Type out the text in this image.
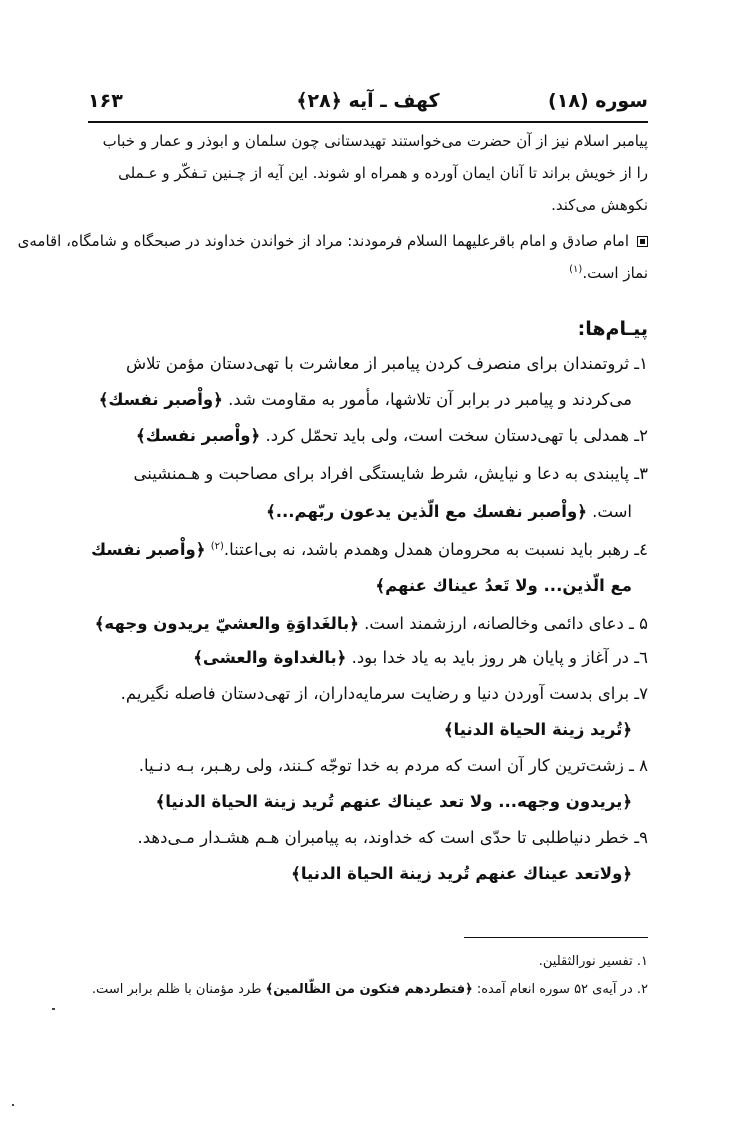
سوره (۱۸)
کهف ـ آیه ﴿۲۸﴾
۱۶۳
پیامبر اسلام نیز از آن حضرت می‌خواستند تهیدستانی چون سلمان و ابوذر و عمار و خباب
را از خویش براند تا آنان ایمان آورده و همراه او شوند. این آیه از چـنین تـفکّر و عـملی
نکوهش می‌کند.
امام صادق و امام باقرعليهما السلام فرمودند: مراد از خواندن خداوند در صبحگاه و شامگاه، اقامه‌ی
نماز است.$^{(۱)}$
پیـام‌ها:
۱ـ ثروتمندان برای منصرف کردن پیامبر از معاشرت با تهی‌دستان مؤمن تلاش
می‌کردند و پیامبر در برابر آن تلاشها، مأمور به مقاومت شد. ﴿واْصبر نفسك﴾
۲ـ همدلی با تهی‌دستان سخت است، ولی باید تحمّل کرد. ﴿واْصبر نفسك﴾
۳ـ پایبندی به دعا و نیایش، شرط شایستگی افراد برای مصاحبت و هـمنشینی
است. ﴿واْصبر نفسك مع الّذين يدعون ربّهم...﴾
٤ـ رهبر باید نسبت به محرومان همدل وهمدم باشد، نه بی‌اعتنا.$^{(۲)}$ ﴿واْصبر نفسك
مع الّذين... ولا تَعدُ عيناك عنهم﴾
۵ ـ دعای دائمی وخالصانه، ارزشمند است. ﴿بالغَداوَةِ والعشيّ يريدون وجهه﴾
٦ـ در آغاز و پایان هر روز باید به یاد خدا بود. ﴿بالغداوة والعشى﴾
۷ـ برای بدست آوردن دنیا و رضایت سرمایه‌داران، از تهی‌دستان فاصله نگیریم.
﴿تُريد زينة الحياة الدنيا﴾
۸ ـ زشت‌ترین کار آن است که مردم به خدا توجّه کـنند، ولی رهـبر، بـه دنـیا.
﴿يريدون وجهه... ولا تعد عيناك عنهم تُريد زينة الحياة الدنيا﴾
۹ـ خطر دنیاطلبی تا حدّی است که خداوند، به پیامبران هـم هشـدار مـی‌دهد.
﴿ولاتعد عيناك عنهم تُريد زينة الحياة الدنيا﴾
۱. تفسیر نورالثقلین.
۲. در آیه‌ی ۵۲ سوره انعام آمده: ﴿فتطردهم فتكون من الظّالمين﴾ طرد مؤمنان با ظلم برابر است.
